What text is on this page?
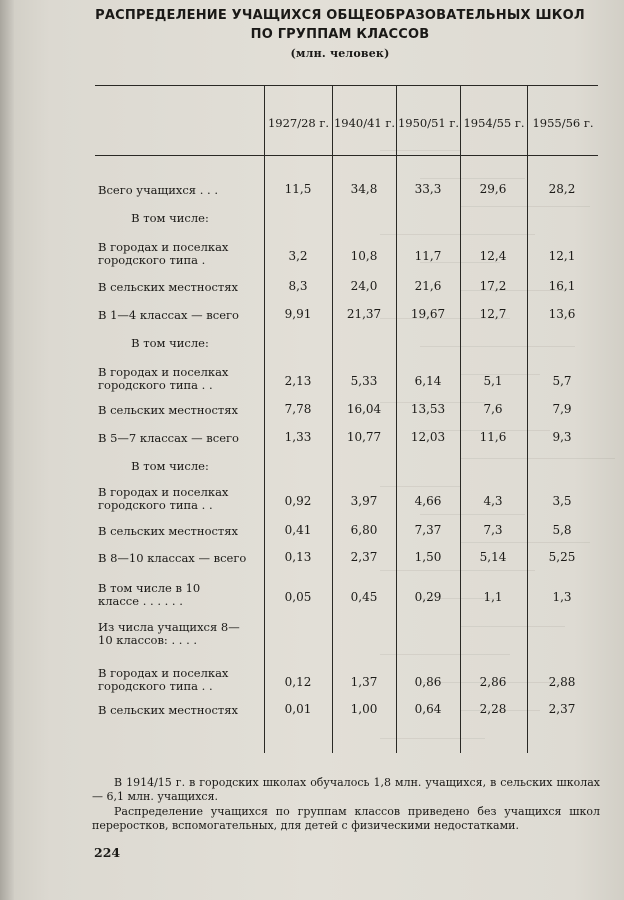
РАСПРЕДЕЛЕНИЕ УЧАЩИХСЯ ОБЩЕОБРАЗОВАТЕЛЬНЫХ ШКОЛ
ПО ГРУППАМ КЛАССОВ
(млн. человек)
1927/28 г. 1940/41 г. 1950/51 г. 1954/55 г. 1955/56 г.
Всего учащихся . . .	11,5	34,8	33,3	29,6	28,2
В том числе:
В городах и поселках
городского типа .	3,2	10,8	11,7	12,4	12,1
В сельских местностях	8,3	24,0	21,6	17,2	16,1
В 1—4 классах — всего	9,91	21,37	19,67	12,7	13,6
В том числе:
В городах и поселках
городского типа . .	2,13	5,33	6,14	5,1	5,7
В сельских местностях	7,78	16,04	13,53	7,6	7,9
В 5—7 классах — всего	1,33	10,77	12,03	11,6	9,3
В том числе:
В городах и поселках
городского типа . .	0,92	3,97	4,66	4,3	3,5
В сельских местностях	0,41	6,80	7,37	7,3	5,8
В 8—10 классах — всего	0,13	2,37	1,50	5,14	5,25
В том числе в 10
классе . . . . . .	0,05	0,45	0,29	1,1	1,3
Из числа учащихся 8—
10 классов: . . . .
В городах и поселках
городского типа . .	0,12	1,37	0,86	2,86	2,88
В сельских местностях	0,01	1,00	0,64	2,28	2,37
В 1914/15 г. в городских школах обучалось 1,8 млн. учащихся, в сельских школах — 6,1 млн. учащихся.
Распределение учащихся по группам классов приведено без учащихся школ переростков, вспомогательных, для детей с физическими недостатками.
224
